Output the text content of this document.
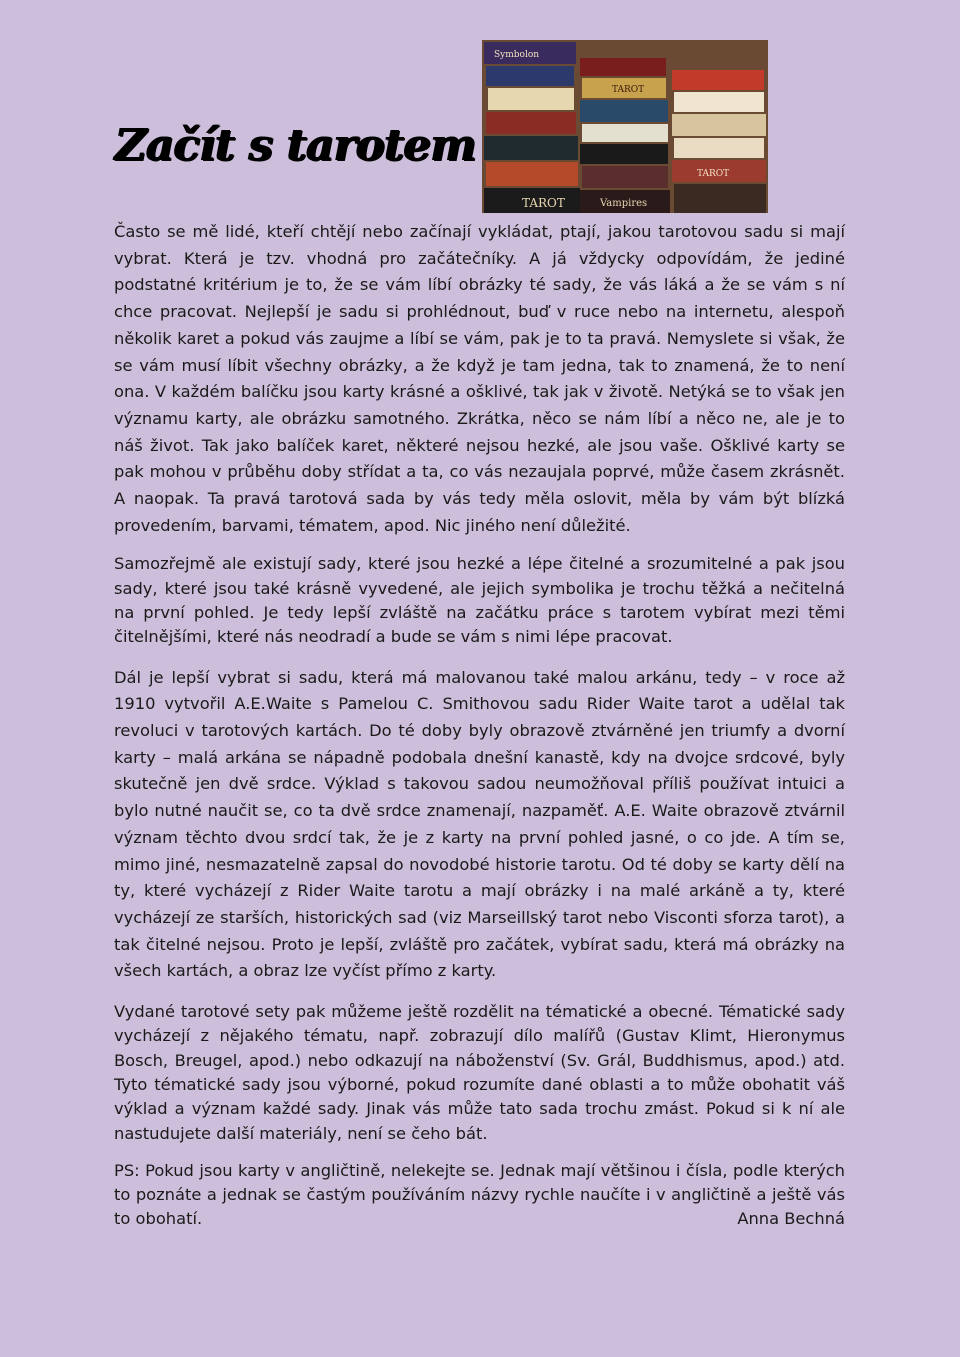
Začít s tarotem
Symbolon
TAROT
TAROT
Vampires
TAROT

Často se mě lidé, kteří chtějí nebo začínají vykládat, ptají, jakou tarotovou sadu si mají vybrat. Která je tzv. vhodná pro začátečníky. A já vždycky odpovídám, že jediné podstatné kritérium je to, že se vám líbí obrázky té sady, že vás láká a že se vám s ní chce pracovat. Nejlepší je sadu si prohlédnout, buď v ruce nebo na internetu, alespoň několik karet a pokud vás zaujme a líbí se vám, pak je to ta pravá. Nemyslete si však, že se vám musí líbit všechny obrázky, a že když je tam jedna, tak to znamená, že to není ona. V každém balíčku jsou karty krásné a ošklivé, tak jak v životě. Netýká se to však jen významu karty, ale obrázku samotného. Zkrátka, něco se nám líbí a něco ne, ale je to náš život. Tak jako balíček karet, některé nejsou hezké, ale jsou vaše. Ošklivé karty se pak mohou v průběhu doby střídat a ta, co vás nezaujala poprvé, může časem zkrásnět. A naopak. Ta pravá tarotová sada by vás tedy měla oslovit, měla by vám být blízká provedením, barvami, tématem, apod. Nic jiného není důležité.

Samozřejmě ale existují sady, které jsou hezké a lépe čitelné a srozumitelné a pak jsou sady, které jsou také krásně vyvedené, ale jejich symbolika je trochu těžká a nečitelná na první pohled. Je tedy lepší zvláště na začátku práce s tarotem vybírat mezi těmi čitelnějšími, které nás neodradí a bude se vám s nimi lépe pracovat.

Dál je lepší vybrat si sadu, která má malovanou také malou arkánu, tedy – v roce až 1910 vytvořil A.E.Waite s Pamelou C. Smithovou sadu Rider Waite tarot a udělal tak revoluci v tarotových kartách. Do té doby byly obrazově ztvárněné jen triumfy a dvorní karty – malá arkána se nápadně podobala dnešní kanastě, kdy na dvojce srdcové, byly skutečně jen dvě srdce. Výklad s takovou sadou neumožňoval příliš používat intuici a bylo nutné naučit se, co ta dvě srdce znamenají, nazpaměť. A.E. Waite obrazově ztvárnil význam těchto dvou srdcí tak, že je z karty na první pohled jasné, o co jde. A tím se, mimo jiné, nesmazatelně zapsal do novodobé historie tarotu. Od té doby se karty dělí na ty, které vycházejí z Rider Waite tarotu a mají obrázky i na malé arkáně a ty, které vycházejí ze starších, historických sad (viz Marseillský tarot nebo Visconti sforza tarot), a tak čitelné nejsou. Proto je lepší, zvláště pro začátek, vybírat sadu, která má obrázky na všech kartách, a obraz lze vyčíst přímo z karty.

Vydané tarotové sety pak můžeme ještě rozdělit na tématické a obecné. Tématické sady vycházejí z nějakého tématu, např. zobrazují dílo malířů (Gustav Klimt, Hieronymus Bosch, Breugel, apod.) nebo odkazují na náboženství (Sv. Grál, Buddhismus, apod.) atd. Tyto tématické sady jsou výborné, pokud rozumíte dané oblasti a to může obohatit váš výklad a význam každé sady. Jinak vás může tato sada trochu zmást. Pokud si k ní ale nastudujete další materiály, není se čeho bát.

PS: Pokud jsou karty v angličtině, nelekejte se. Jednak mají většinou i čísla, podle kterých to poznáte a jednak se častým používáním názvy rychle naučíte i v angličtině a ještě vás to obohatí.	Anna Bechná
